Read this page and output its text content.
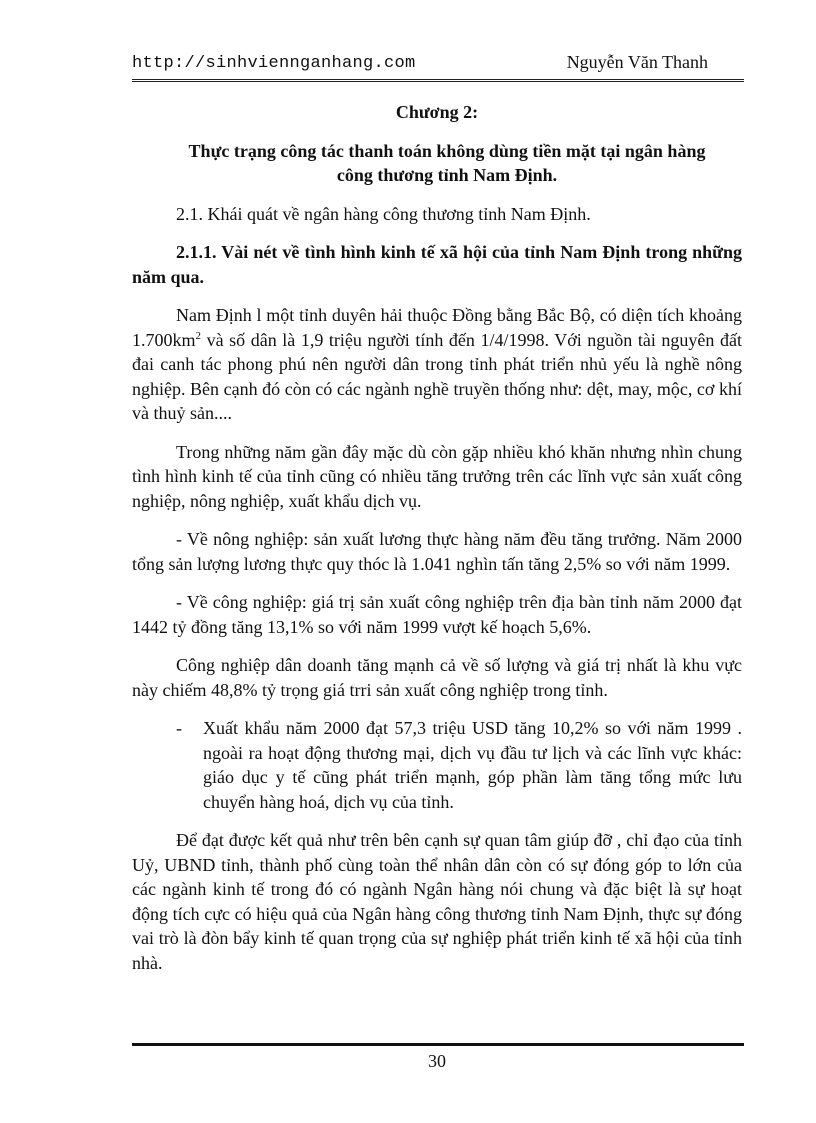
http://sinhviennganhang.com	Nguyễn Văn Thanh
Chương 2:
Thực trạng công tác thanh toán không dùng tiền mặt tại ngân hàng
công thương tỉnh Nam Định.
2.1. Khái quát về ngân hàng công thương tỉnh Nam Định.
2.1.1. Vài nét về tình hình kinh tế xã hội của tỉnh Nam Định trong những năm qua.

Nam Định l một tỉnh duyên hải thuộc Đồng bằng Bắc Bộ, có diện tích khoảng $1.700km^2$ và số dân là 1,9 triệu người tính đến 1/4/1998. Với nguồn tài nguyên đất đai canh tác phong phú nên người dân trong tỉnh phát triển nhủ yếu là nghề nông nghiệp. Bên cạnh đó còn có các ngành nghề truyền thống như: dệt, may, mộc, cơ khí và thuỷ sản....

Trong những năm gần đây mặc dù còn gặp nhiều khó khăn nhưng nhìn chung tình hình kinh tế của tỉnh cũng có nhiều tăng trưởng trên các lĩnh vực sản xuất công nghiệp, nông nghiệp, xuất khẩu dịch vụ.

- Về nông nghiệp: sản xuất lương thực hàng năm đều tăng trưởng. Năm 2000 tổng sản lượng lương thực quy thóc là 1.041 nghìn tấn tăng 2,5% so với năm 1999.

- Về công nghiệp: giá trị sản xuất công nghiệp trên địa bàn tỉnh năm 2000 đạt 1442 tỷ đồng tăng 13,1% so với năm 1999 vượt kế hoạch 5,6%.

Công nghiệp dân doanh tăng mạnh cả về số lượng và giá trị nhất là khu vực này chiếm 48,8% tỷ trọng giá trri sản xuất công nghiệp trong tỉnh.

-	Xuất khẩu năm 2000 đạt 57,3 triệu USD tăng 10,2% so với năm 1999 . ngoài ra hoạt động thương mại, dịch vụ đầu tư lịch và các lĩnh vực khác: giáo dục y tế cũng phát triển mạnh, góp phần làm tăng tổng mức lưu chuyển hàng hoá, dịch vụ của tỉnh.

Để đạt được kết quả như trên bên cạnh sự quan tâm giúp đỡ , chỉ đạo của tỉnh Uỷ, UBND tỉnh, thành phố cùng toàn thể nhân dân còn có sự đóng góp to lớn của các ngành kinh tế trong đó có ngành Ngân hàng nói chung và đặc biệt là sự hoạt động tích cực có hiệu quả của Ngân hàng công thương tỉnh Nam Định, thực sự đóng vai trò là đòn bẩy kinh tế quan trọng của sự nghiệp phát triển kinh tế xã hội của tỉnh nhà.

30
